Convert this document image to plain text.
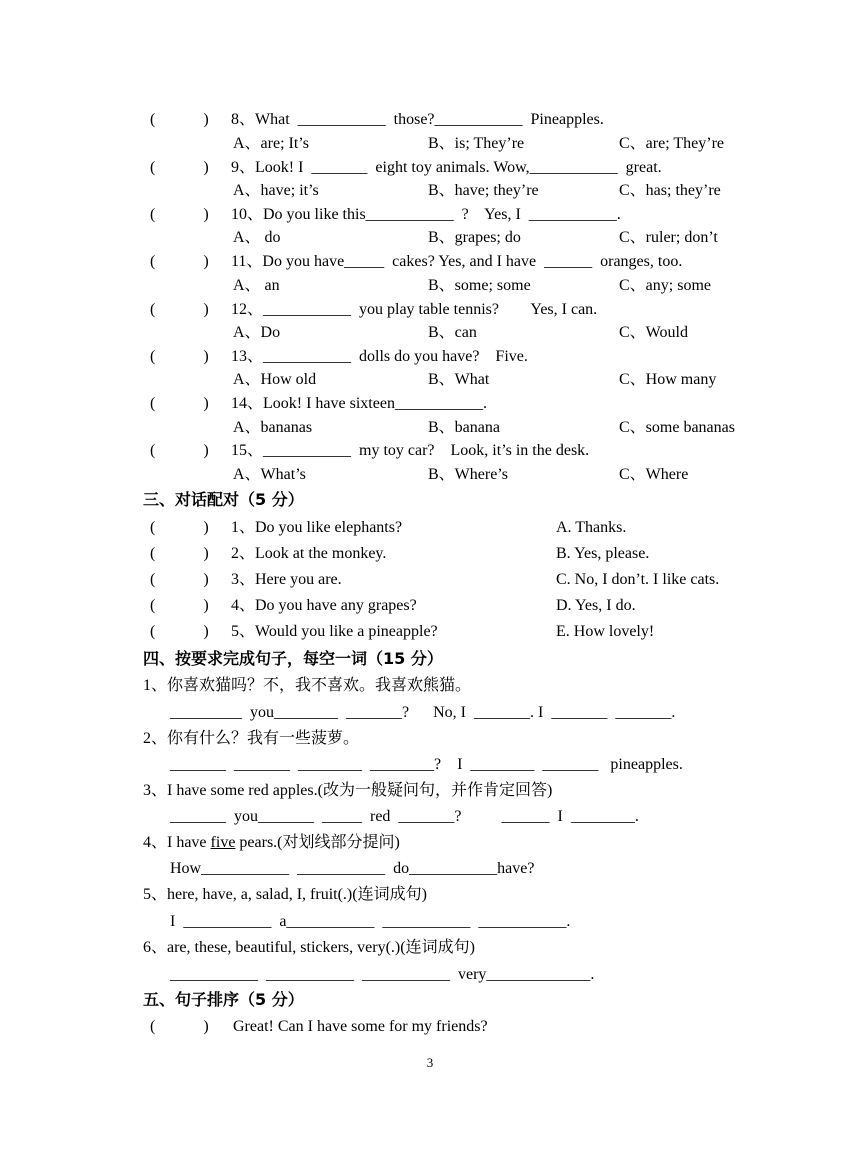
(            ) 8、What  ___________  those?___________  Pineapples.
A、are; It’s	B、is; They’re	C、are; They’re
(            ) 9、Look! I  _______  eight toy animals. Wow,___________  great.
A、have; it’s	B、have; they’re	C、has; they’re
(            ) 10、Do you like this___________  ?    Yes, I  ___________.
A、 do	B、grapes; do	C、ruler; don’t
(            ) 11、Do you have_____  cakes? Yes, and I have  ______  oranges, too.
A、 an	B、some; some	C、any; some
(            ) 12、___________  you play table tennis?        Yes, I can.
A、Do	B、can	C、Would
(            ) 13、___________  dolls do you have?    Five.
A、How old	B、What	C、How many
(            ) 14、Look! I have sixteen___________.
A、bananas	B、banana	C、some bananas
(            ) 15、___________  my toy car?    Look, it’s in the desk.
A、What’s	B、Where’s	C、Where
三、对话配对（5 分）
(            ) 1、Do you like elephants?	A. Thanks.
(            ) 2、Look at the monkey.	B. Yes, please.
(            ) 3、Here you are.	C. No, I don’t. I like cats.
(            ) 4、Do you have any grapes?	D. Yes, I do.
(            ) 5、Would you like a pineapple?	E. How lovely!
四、按要求完成句子，每空一词（15 分）
1、你喜欢猫吗？不，我不喜欢。我喜欢熊猫。
_________  you________  _______?      No, I  _______. I  _______  _______.
2、你有什么？我有一些菠萝。
_______  _______  ________  ________?    I  ________  _______   pineapples.
3、I have some red apples.(改为一般疑问句，并作肯定回答)
_______  you_______  _____  red  _______?          ______  I  ________.
4、I have five pears.(对划线部分提问)
How___________  ___________  do___________have?
5、here, have, a, salad, I, fruit(.)(连词成句)
I  ___________  a___________  ___________  ___________.
6、are, these, beautiful, stickers, very(.)(连词成句)
___________  ___________  ___________  very_____________.
五、句子排序（5 分）
(            ) Great! Can I have some for my friends?
3
